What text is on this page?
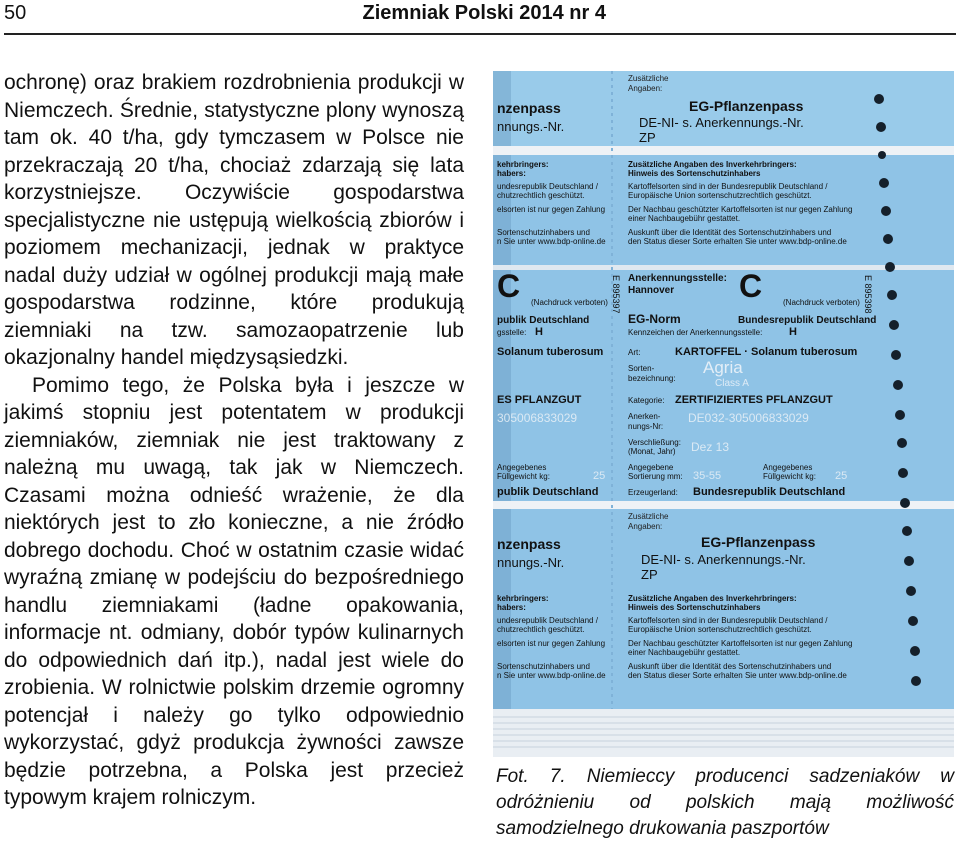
50	Ziemniak Polski 2014 nr 4

ochronę) oraz brakiem rozdrobnienia produkcji w Niemczech. Średnie, statystyczne plony wynoszą tam ok. 40 t/ha, gdy tymczasem w Polsce nie przekraczają 20 t/ha, chociaż zdarzają się lata korzystniejsze. Oczywiście gospodarstwa specjalistyczne nie ustępują wielkością zbiorów i poziomem mechanizacji, jednak w praktyce nadal duży udział w ogólnej produkcji mają małe gospodarstwa rodzinne, które produkują ziemniaki na tzw. samozaopatrzenie lub okazjonalny handel międzysąsiedzki.

Pomimo tego, że Polska była i jeszcze w jakimś stopniu jest potentatem w produkcji ziemniaków, ziemniak nie jest traktowany z należną mu uwagą, tak jak w Niemczech. Czasami można odnieść wrażenie, że dla niektórych jest to zło konieczne, a nie źródło dobrego dochodu. Choć w ostatnim czasie widać wyraźną zmianę w podejściu do bezpośredniego handlu ziemniakami (ładne opakowania, informacje nt. odmiany, dobór typów kulinarnych do odpowiednich dań itp.), nadal jest wiele do zrobienia. W rolnictwie polskim drzemie ogromny potencjał i należy go tylko odpowiednio wykorzystać, gdyż produkcja żywności zawsze będzie potrzebna, a Polska jest przecież typowym krajem rolniczym.

Zusätzliche
Angaben:
nzenpass
nnungs.-Nr.
EG-Pflanzenpass
DE-NI- s. Anerkennungs.-Nr.
ZP
Zusätzliche Angaben des Inverkehrbringers:
Hinweis des Sortenschutzinhabers
kehrbringers:
habers:
Kartoffelsorten sind in der Bundesrepublik Deutschland /
Europäische Union sortenschutzrechtlich geschützt.
Der Nachbau geschützter Kartoffelsorten ist nur gegen Zahlung
einer Nachbaugebühr gestattet.
Auskunft über die Identität des Sortenschutzinhabers und
den Status dieser Sorte erhalten Sie unter www.bdp-online.de
undesrepublik Deutschland /
chutzrechtlich geschützt.
elsorten ist nur gegen Zahlung
Sortenschutzinhabers und
n Sie unter www.bdp-online.de
Anerkennungsstelle:
Hannover C
C	(Nachdruck verboten)
(Nachdruck verboten)	E 895398
E 895397
EG-Norm	Bundesrepublik Deutschland
publik Deutschland
Kennzeichen der Anerkennungsstelle: H
gsstelle: H
Art:	KARTOFFEL · Solanum tuberosum
Solanum tuberosum
Sorten-
bezeichnung:
Agria
Class A
Kategorie: ZERTIFIZIERTES PFLANZGUT
ES PFLANZGUT
Anerken-
nungs-Nr:
DE032-305006833029
305006833029
Verschließung:
(Monat, Jahr) Dez 13
Angegebene
Sortierung mm: 35-55
Angegebenes
Füllgewicht kg: 25
Angegebenes
Füllgewicht kg:	25
Erzeugerland: Bundesrepublik Deutschland
publik Deutschland
Zusätzliche
Angaben:
nzenpass
nnungs.-Nr.
EG-Pflanzenpass
DE-NI- s. Anerkennungs.-Nr.
ZP
Zusätzliche Angaben des Inverkehrbringers:
Hinweis des Sortenschutzinhabers
kehrbringers:
habers:
Kartoffelsorten sind in der Bundesrepublik Deutschland /
Europäische Union sortenschutzrechtlich geschützt.
Der Nachbau geschützter Kartoffelsorten ist nur gegen Zahlung
einer Nachbaugebühr gestattet.
Auskunft über die Identität des Sortenschutzinhabers und
den Status dieser Sorte erhalten Sie unter www.bdp-online.de
undesrepublik Deutschland /
chutzrechtlich geschützt.
elsorten ist nur gegen Zahlung
Sortenschutzinhabers und
n Sie unter www.bdp-online.de
Fot. 7. Niemieccy producenci sadzeniaków w odróżnieniu od polskich mają możliwość samodzielnego drukowania paszportów
